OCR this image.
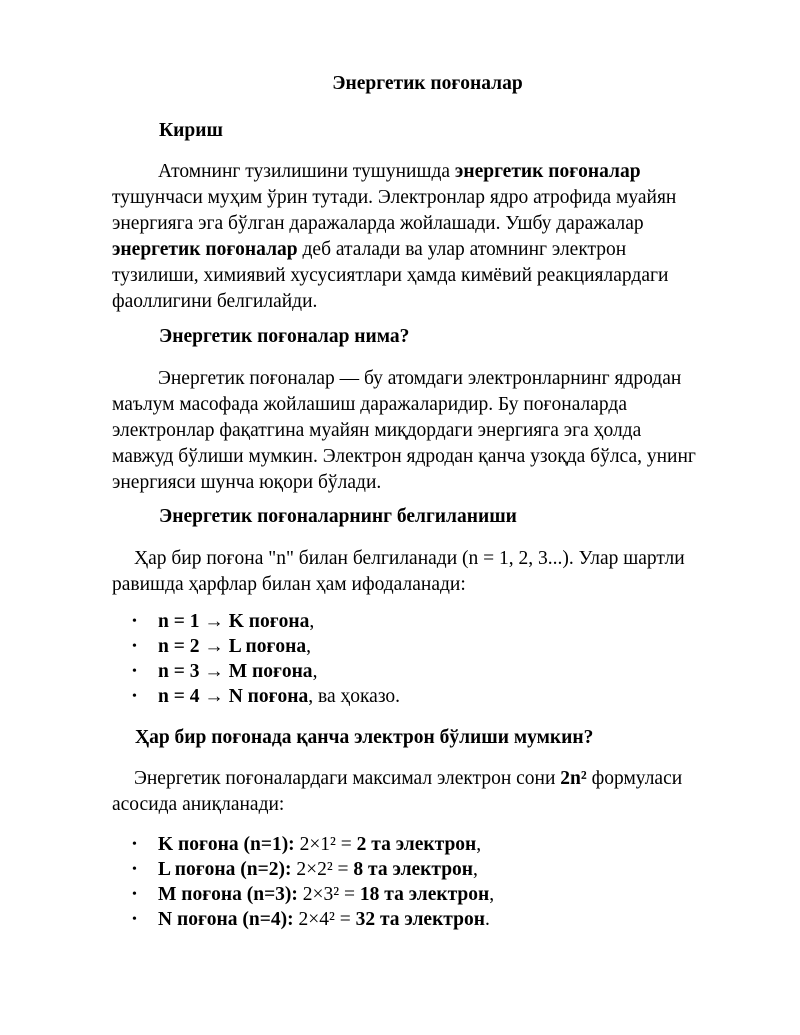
Энергетик поғоналар
Кириш

Атомнинг тузилишини тушунишда энергетик поғоналар
тушунчаси муҳим ўрин тутади. Электронлар ядро атрофида муайян
энергияга эга бўлган даражаларда жойлашади. Ушбу даражалар
энергетик поғоналар деб аталади ва улар атомнинг электрон
тузилиши, химиявий хусусиятлари ҳамда кимёвий реакциялардаги
фаоллигини белгилайди.

Энергетик поғоналар нима?

Энергетик поғоналар — бу атомдаги электронларнинг ядродан
маълум масофада жойлашиш даражаларидир. Бу поғоналарда
электронлар фақатгина муайян миқдордаги энергияга эга ҳолда
мавжуд бўлиши мумкин. Электрон ядродан қанча узоқда бўлса, унинг
энергияси шунча юқори бўлади.

Энергетик поғоналарнинг белгиланиши

Ҳар бир поғона "n" билан белгиланади (n = 1, 2, 3...). Улар шартли
равишда ҳарфлар билан ҳам ифодаланади:

• n = 1 → K поғона,
• n = 2 → L поғона,
• n = 3 → M поғона,
• n = 4 → N поғона, ва ҳоказо.
Ҳар бир поғонада қанча электрон бўлиши мумкин?

Энергетик поғоналардаги максимал электрон сони 2n² формуласи
асосида аниқланади:

• K поғона (n=1): 2×1² = 2 та электрон,
• L поғона (n=2): 2×2² = 8 та электрон,
• M поғона (n=3): 2×3² = 18 та электрон,
• N поғона (n=4): 2×4² = 32 та электрон.
